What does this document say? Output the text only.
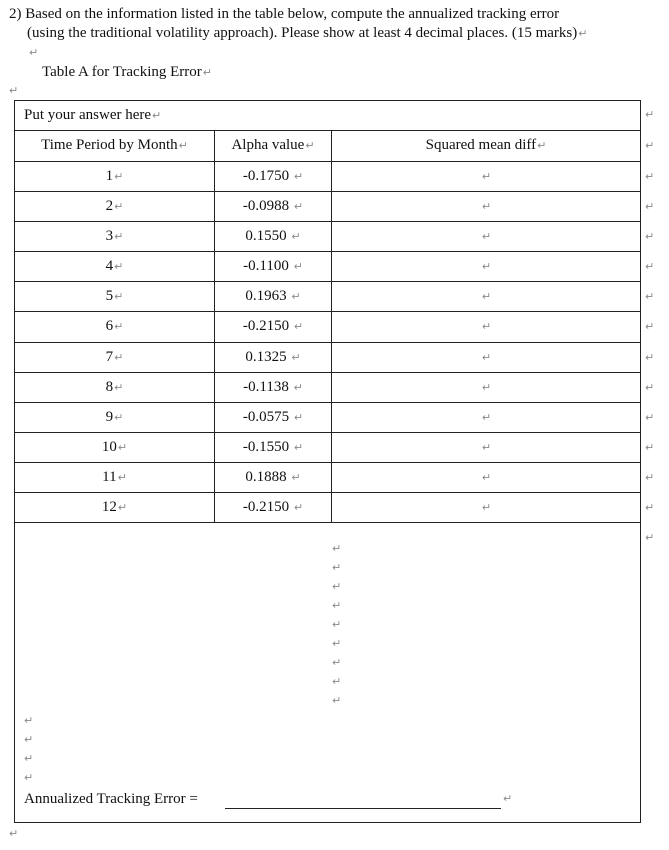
2) Based on the information listed in the table below, compute the annualized tracking error
(using the traditional volatility approach). Please show at least 4 decimal places. (15 marks)↵
↵
Table A for Tracking Error↵
↵
Put your answer here↵
Time Period by Month↵	Alpha value↵	Squared mean diff↵
1↵	-0.1750 ↵	↵
2↵	-0.0988 ↵	↵
3↵	0.1550 ↵	↵
4↵	-0.1100 ↵	↵
5↵	0.1963 ↵	↵
6↵	-0.2150 ↵	↵
7↵	0.1325 ↵	↵
8↵	-0.1138 ↵	↵
9↵	-0.0575 ↵	↵
10↵	-0.1550 ↵	↵
11↵	0.1888 ↵	↵
12↵	-0.2150 ↵	↵
↵
↵
↵
↵
↵
↵
↵
↵
↵
↵
↵
↵
↵
↵
↵
↵
↵
↵
↵
↵
↵
↵
↵
↵
↵
↵
↵
↵
Annualized Tracking Error =	↵
↵
